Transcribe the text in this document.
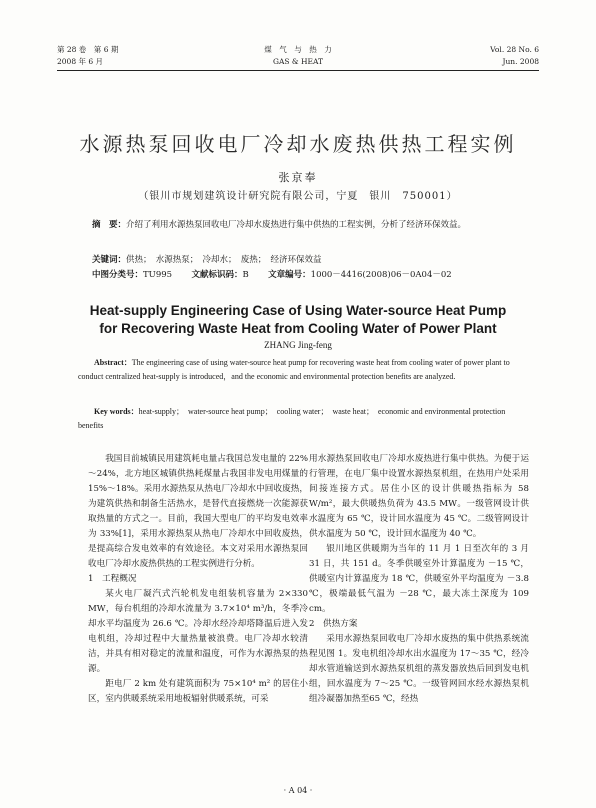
第 28 卷　第 6 期
2008 年 6 月
煤　气　与　热　力
GAS & HEAT
Vol. 28 No. 6
Jun. 2008
水源热泵回收电厂冷却水废热供热工程实例
张京奉
（银川市规划建筑设计研究院有限公司，宁夏　银川　750001）
摘　要：介绍了利用水源热泵回收电厂冷却水废热进行集中供热的工程实例，分析了经济环保效益。
关键词：供热；　水源热泵；　冷却水；　废热；　经济环保效益
中图分类号：TU995 文献标识码：B 文章编号：1000－4416(2008)06－0A04－02
Heat-supply Engineering Case of Using Water-source Heat Pump
for Recovering Waste Heat from Cooling Water of Power Plant
ZHANG Jing-feng
Abstract：The engineering case of using water-source heat pump for recovering waste heat from cooling water of power plant to conduct centralized heat-supply is introduced，and the economic and environmental protection benefits are analyzed.
Key words：heat-supply；　water-source heat pump；　cooling water；　waste heat；　economic and environmental protection benefits

我国目前城镇民用建筑耗电量占我国总发电量的 22%～24%，北方地区城镇供热耗煤量占我国非发电用煤量的 15%～18%。采用水源热泵从热电厂冷却水中回收废热，为建筑供热和制备生活热水，是替代直接燃烧一次能源获取热量的方式之一。目前，我国大型电厂的平均发电效率为 33%[1]，采用水源热泵从热电厂冷却水中回收废热，是提高综合发电效率的有效途径。本文对采用水源热泵回收电厂冷却水废热供热的工程实例进行分析。

1　工程概况

某火电厂凝汽式汽轮机发电组装机容量为 2×330 MW，每台机组的冷却水流量为 3.7×10⁴ m³/h，冬季冷却水平均温度为 26.6 ℃。冷却水经冷却塔降温后进入发电机组，冷却过程中大量热量被浪费。电厂冷却水较清洁，并具有相对稳定的流量和温度，可作为水源热泵的热源。

距电厂 2 km 处有建筑面积为 75×10⁴ m² 的居住小区，室内供暖系统采用地板辐射供暖系统，可采

用水源热泵回收电厂冷却水废热进行集中供热。为便于运行管理，在电厂集中设置水源热泵机组，在热用户处采用间接连接方式。居住小区的设计供暖热指标为 58 W/m²，最大供暖热负荷为 43.5 MW。一级管网设计供水温度为 65 ℃，设计回水温度为 45 ℃。二级管网设计供水温度为 50 ℃，设计回水温度为 40 ℃。

银川地区供暖期为当年的 11 月 1 日至次年的 3 月 31 日，共 151 d。冬季供暖室外计算温度为 －15 ℃，供暖室内计算温度为 18 ℃，供暖室外平均温度为 －3.8 ℃，极端最低气温为 －28 ℃，最大冻土深度为 109 cm。

2　供热方案

采用水源热泵回收电厂冷却水废热的集中供热系统流程见图 1。发电机组冷却水出水温度为 17～35 ℃，经冷却水管道输送到水源热泵机组的蒸发器放热后回到发电机组，回水温度为 7～25 ℃。一级管网回水经水源热泵机组冷凝器加热至65 ℃，经热

· A 04 ·
